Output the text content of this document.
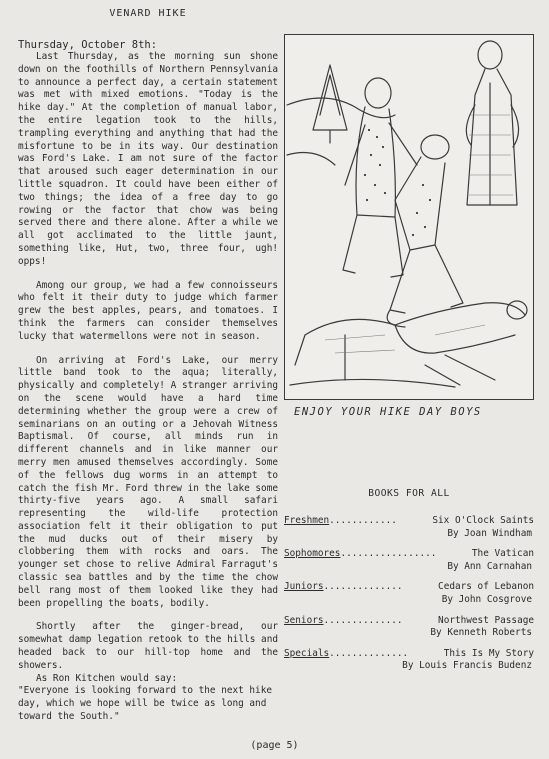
VENARD HIKE
Thursday, October 8th:

Last Thursday, as the morning sun shone down on the foothills of Northern Pennsylvania to announce a perfect day, a certain statement was met with mixed emotions. "Today is the hike day." At the completion of manual labor, the entire legation took to the hills, trampling everything and anything that had the misfortune to be in its way. Our destination was Ford's Lake. I am not sure of the factor that aroused such eager determination in our little squadron. It could have been either of two things; the idea of a free day to go rowing or the factor that chow was being served there and there alone. After a while we all got acclimated to the little jaunt, something like, Hut, two, three four, ugh! opps!

Among our group, we had a few connoisseurs who felt it their duty to judge which farmer grew the best apples, pears, and tomatoes. I think the farmers can consider themselves lucky that watermellons were not in season.

On arriving at Ford's Lake, our merry little band took to the aqua; literally, physically and completely! A stranger arriving on the scene would have a hard time determining whether the group were a crew of seminarians on an outing or a Jehovah Witness Baptismal. Of course, all minds run in different channels and in like manner our merry men amused themselves accordingly. Some of the fellows dug worms in an attempt to catch the fish Mr. Ford threw in the lake some thirty-five years ago. A small safari representing the wild-life protection association felt it their obligation to put the mud ducks out of their misery by clobbering them with rocks and oars. The younger set chose to relive Admiral Farragut's classic sea battles and by the time the chow bell rang most of them looked like they had been propelling the boats, bodily.

Shortly after the ginger-bread, our somewhat damp legation retook to the hills and headed back to our hill-top home and the showers.

As Ron Kitchen would say:

"Everyone is looking forward to the next hike day, which we hope will be twice as long and toward the South."

ENJOY YOUR HIKE DAY BOYS
BOOKS FOR ALL
Freshmen ............	Six O'Clock Saints
By Joan Windham
Sophomores .................	The Vatican
By Ann Carnahan
Juniors ..............	Cedars of Lebanon
By John Cosgrove
Seniors ..............	Northwest Passage
By Kenneth Roberts
Specials ..............	This Is My Story
By Louis Francis Budenz
(page 5)
